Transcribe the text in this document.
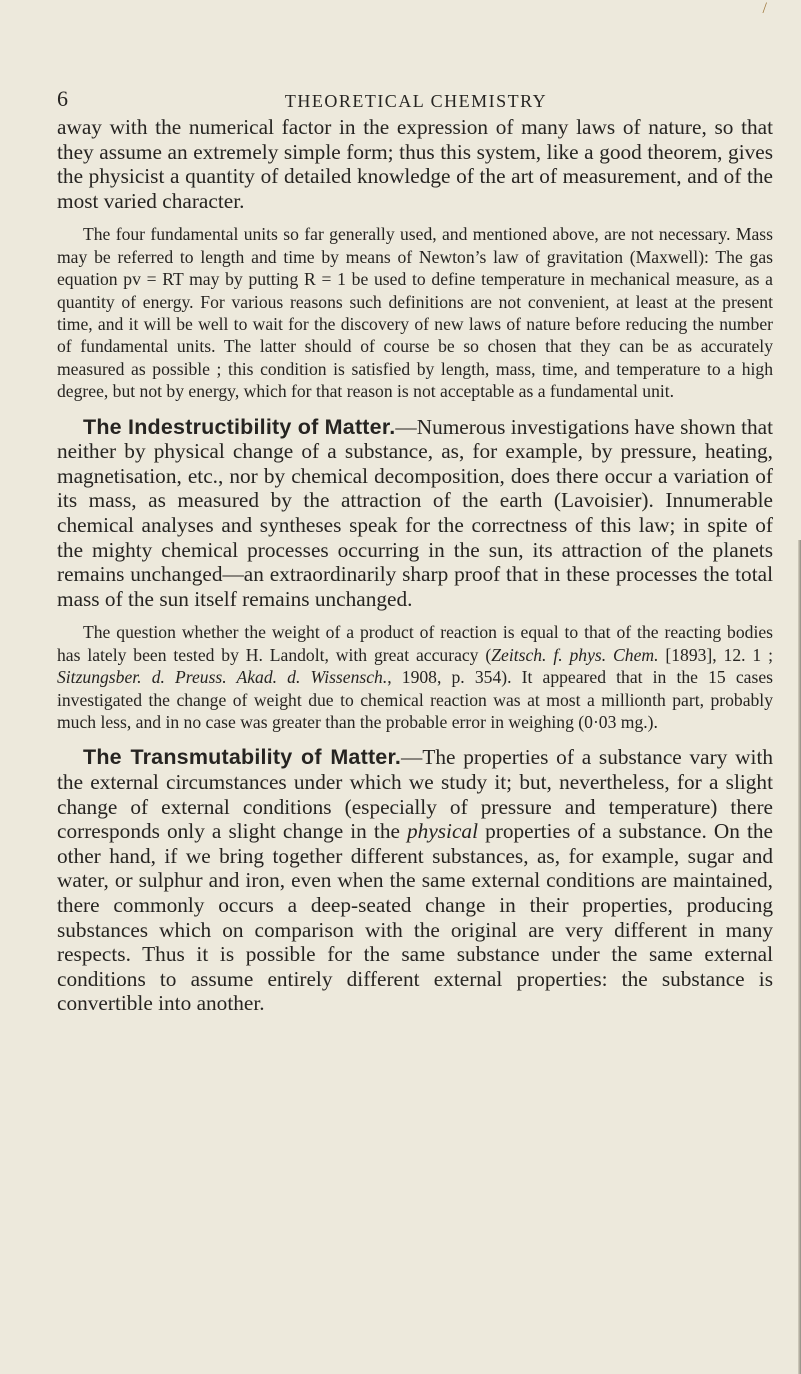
/
6	THEORETICAL CHEMISTRY

away with the numerical factor in the expression of many laws of nature, so that they assume an extremely simple form; thus this system, like a good theorem, gives the physicist a quantity of detailed knowledge of the art of measurement, and of the most varied character.

The four fundamental units so far generally used, and mentioned above, are not necessary. Mass may be referred to length and time by means of Newton’s law of gravitation (Maxwell): The gas equation pv = RT may by putting R = 1 be used to define temperature in mechanical measure, as a quantity of energy. For various reasons such definitions are not convenient, at least at the present time, and it will be well to wait for the discovery of new laws of nature before reducing the number of fundamental units. The latter should of course be so chosen that they can be as accurately measured as possible ; this condition is satisfied by length, mass, time, and temperature to a high degree, but not by energy, which for that reason is not acceptable as a fundamental unit.

The Indestructibility of Matter.—Numerous investigations have shown that neither by physical change of a substance, as, for example, by pressure, heating, magnetisation, etc., nor by chemical decomposition, does there occur a variation of its mass, as measured by the attraction of the earth (Lavoisier). Innumerable chemical analyses and syntheses speak for the correctness of this law; in spite of the mighty chemical processes occurring in the sun, its attraction of the planets remains unchanged—an extraordinarily sharp proof that in these processes the total mass of the sun itself remains unchanged.

The question whether the weight of a product of reaction is equal to that of the reacting bodies has lately been tested by H. Landolt, with great accuracy (Zeitsch. f. phys. Chem. [1893], 12. 1 ; Sitzungsber. d. Preuss. Akad. d. Wissensch., 1908, p. 354). It appeared that in the 15 cases investigated the change of weight due to chemical reaction was at most a millionth part, probably much less, and in no case was greater than the probable error in weighing (0·03 mg.).

The Transmutability of Matter.—The properties of a substance vary with the external circumstances under which we study it; but, nevertheless, for a slight change of external conditions (especially of pressure and temperature) there corresponds only a slight change in the physical properties of a substance. On the other hand, if we bring together different substances, as, for example, sugar and water, or sulphur and iron, even when the same external conditions are maintained, there commonly occurs a deep-seated change in their properties, producing substances which on comparison with the original are very different in many respects. Thus it is possible for the same substance under the same external conditions to assume entirely different external properties: the substance is convertible into another.
